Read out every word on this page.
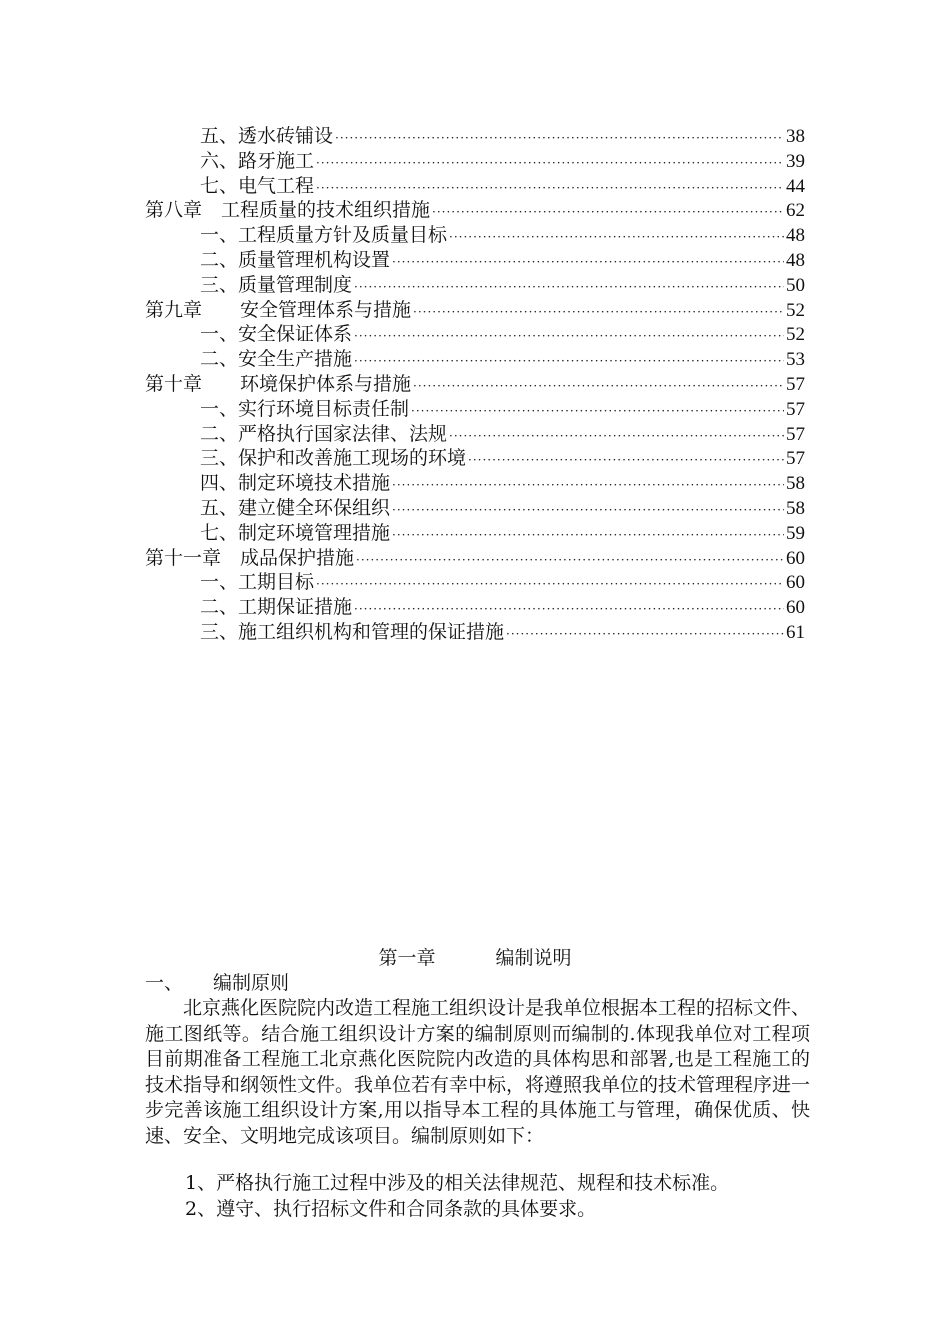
五、透水砖铺设 ·····	38
六、路牙施工 ·····	39
七、电气工程 ·····	44
第八章　工程质量的技术组织措施 ·····	62
一、工程质量方针及质量目标 ·····	48
二、质量管理机构设置 ·····	48
三、质量管理制度 ·····	50
第九章　　安全管理体系与措施 ·····	52
一、安全保证体系 ·····	52
二、安全生产措施 ·····	53
第十章　　环境保护体系与措施 ·····	57
一、实行环境目标责任制 ·····	57
二、严格执行国家法律、法规 ·····	57
三、保护和改善施工现场的环境 ·····	57
四、制定环境技术措施 ·····	58
五、建立健全环保组织 ·····	58
七、制定环境管理措施 ·····	59
第十一章　成品保护措施 ·····	60
一、工期目标 ·····	60
二、工期保证措施 ·····	60
三、施工组织机构和管理的保证措施 ·····	61
第一章	编制说明
一、 编制原则

北京燕化医院院内改造工程施工组织设计是我单位根据本工程的招标文件、施工图纸等。结合施工组织设计方案的编制原则而编制的.体现我单位对工程项目前期准备工程施工北京燕化医院院内改造的具体构思和部署,也是工程施工的技术指导和纲领性文件。我单位若有幸中标，将遵照我单位的技术管理程序进一步完善该施工组织设计方案,用以指导本工程的具体施工与管理，确保优质、快速、安全、文明地完成该项目。编制原则如下：

1、严格执行施工过程中涉及的相关法律规范、规程和技术标准。
2、遵守、执行招标文件和合同条款的具体要求。
